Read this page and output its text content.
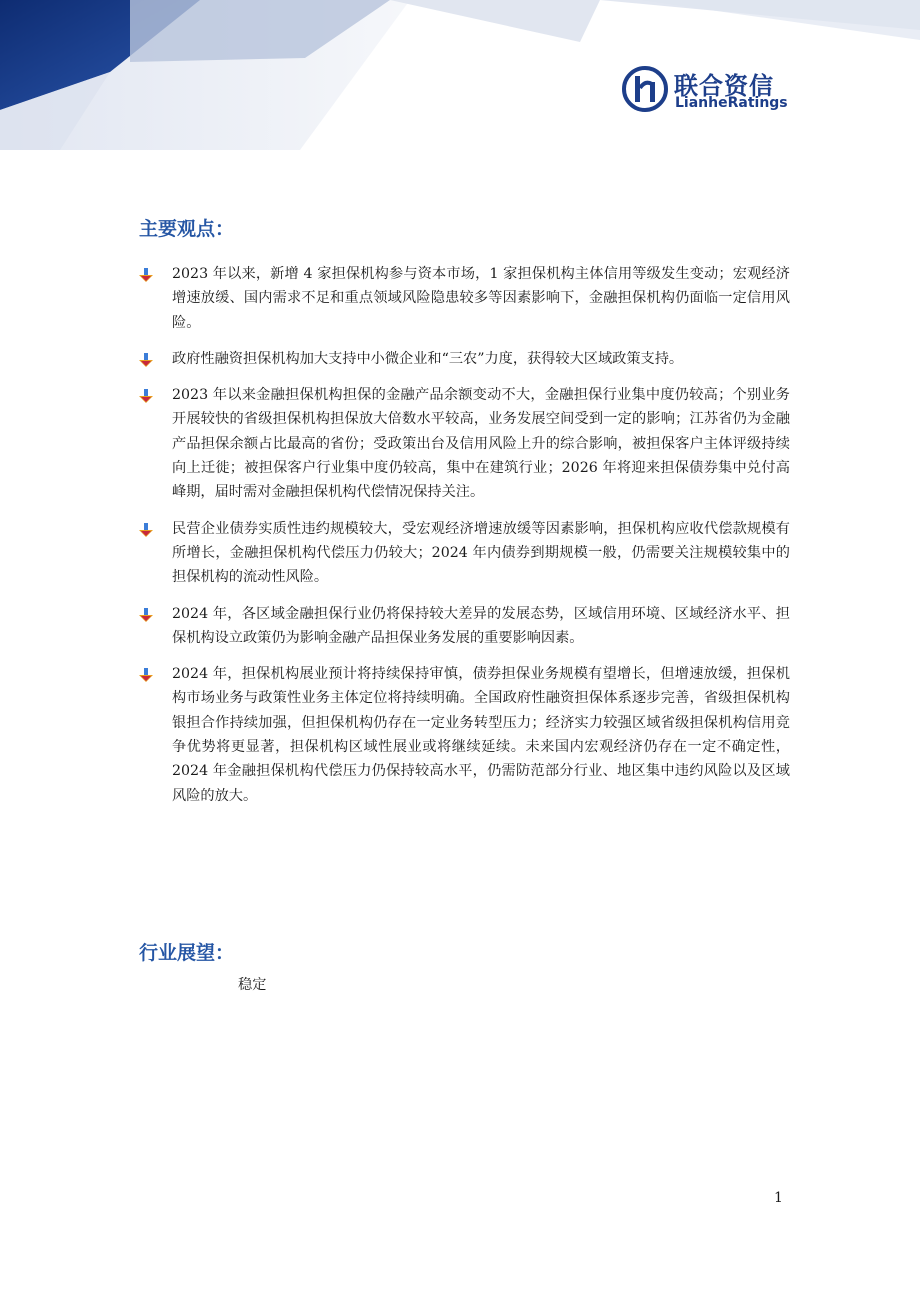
联合资信
LianheRatings
主要观点：
2023 年以来，新增 4 家担保机构参与资本市场，1 家担保机构主体信用等级发生变动；宏观经济增速放缓、国内需求不足和重点领域风险隐患较多等因素影响下，金融担保机构仍面临一定信用风险。
政府性融资担保机构加大支持中小微企业和“三农”力度，获得较大区域政策支持。
2023 年以来金融担保机构担保的金融产品余额变动不大，金融担保行业集中度仍较高；个别业务开展较快的省级担保机构担保放大倍数水平较高，业务发展空间受到一定的影响；江苏省仍为金融产品担保余额占比最高的省份；受政策出台及信用风险上升的综合影响，被担保客户主体评级持续向上迁徙；被担保客户行业集中度仍较高，集中在建筑行业；2026 年将迎来担保债券集中兑付高峰期，届时需对金融担保机构代偿情况保持关注。
民营企业债券实质性违约规模较大，受宏观经济增速放缓等因素影响，担保机构应收代偿款规模有所增长，金融担保机构代偿压力仍较大；2024 年内债券到期规模一般，仍需要关注规模较集中的担保机构的流动性风险。
2024 年，各区域金融担保行业仍将保持较大差异的发展态势，区域信用环境、区域经济水平、担保机构设立政策仍为影响金融产品担保业务发展的重要影响因素。
2024 年，担保机构展业预计将持续保持审慎，债券担保业务规模有望增长，但增速放缓，担保机构市场业务与政策性业务主体定位将持续明确。全国政府性融资担保体系逐步完善，省级担保机构银担合作持续加强，但担保机构仍存在一定业务转型压力；经济实力较强区域省级担保机构信用竞争优势将更显著，担保机构区域性展业或将继续延续。未来国内宏观经济仍存在一定不确定性，2024 年金融担保机构代偿压力仍保持较高水平，仍需防范部分行业、地区集中违约风险以及区域风险的放大。
行业展望：
稳定
1
